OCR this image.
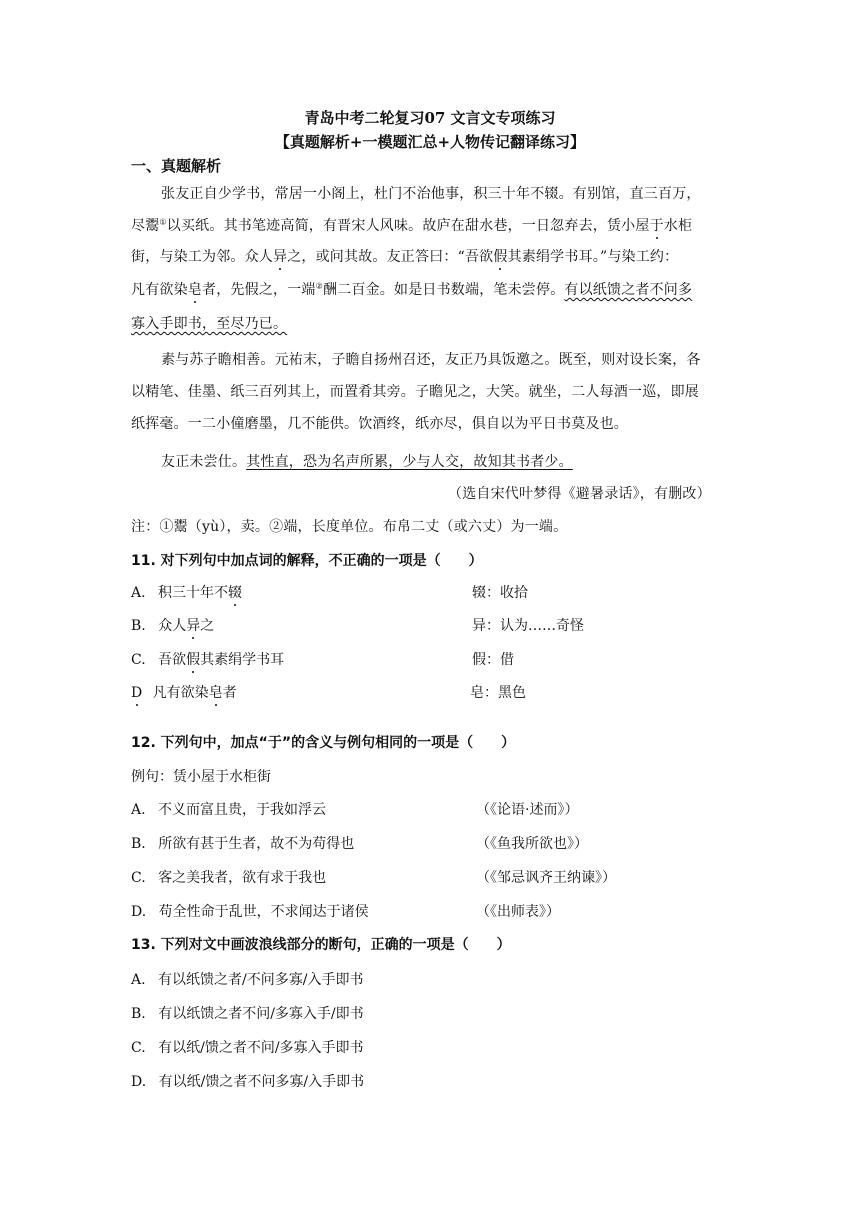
青岛中考二轮复习07 文言文专项练习
【真题解析+一模题汇总+人物传记翻译练习】
一、真题解析
张友正自少学书，常居一小阁上，杜门不治他事，积三十年不辍。有别馆，直三百万，
尽鬻①以买纸。其书笔迹高简，有晋宋人风味。故庐在甜水巷，一日忽弃去，赁小屋于水柜
街，与染工为邻。众人异之，或问其故。友正答曰：“吾欲假其素绢学书耳。”与染工约：
凡有欲染皂者，先假之，一端②酬二百金。如是日书数端，笔未尝停。有以纸馈之者不问多
寡入手即书，至尽乃已。
素与苏子瞻相善。元祐末，子瞻自扬州召还，友正乃具饭邀之。既至，则对设长案，各
以精笔、佳墨、纸三百列其上，而置肴其旁。子瞻见之，大笑。就坐，二人每酒一巡，即展
纸挥毫。一二小僮磨墨，几不能供。饮酒终，纸亦尽，俱自以为平日书莫及也。
友正未尝仕。其性直，恐为名声所累，少与人交，故知其书者少。
（选自宋代叶梦得《避暑录话》，有删改）
注：①鬻（yù），卖。②端，长度单位。布帛二丈（或六丈）为一端。
11. 对下列句中加点词的解释，不正确的一项是（　　）
A. 积三十年不辍	辍：收拾
B. 众人异之	异：认为……奇怪
C. 吾欲假其素绢学书耳	假：借
D 凡有欲染皂者	皂：黑色
12. 下列句中，加点“于”的含义与例句相同的一项是（　　）
例句：赁小屋于水柜街
A. 不义而富且贵，于我如浮云	（《论语·述而》）
B. 所欲有甚于生者，故不为苟得也	（《鱼我所欲也》）
C. 客之美我者，欲有求于我也	（《邹忌讽齐王纳谏》）
D. 苟全性命于乱世，不求闻达于诸侯	（《出师表》）
13. 下列对文中画波浪线部分的断句，正确的一项是（　　）
A. 有以纸馈之者/不问多寡/入手即书
B. 有以纸馈之者不问/多寡入手/即书
C. 有以纸/馈之者不问/多寡入手即书
D. 有以纸/馈之者不问多寡/入手即书
